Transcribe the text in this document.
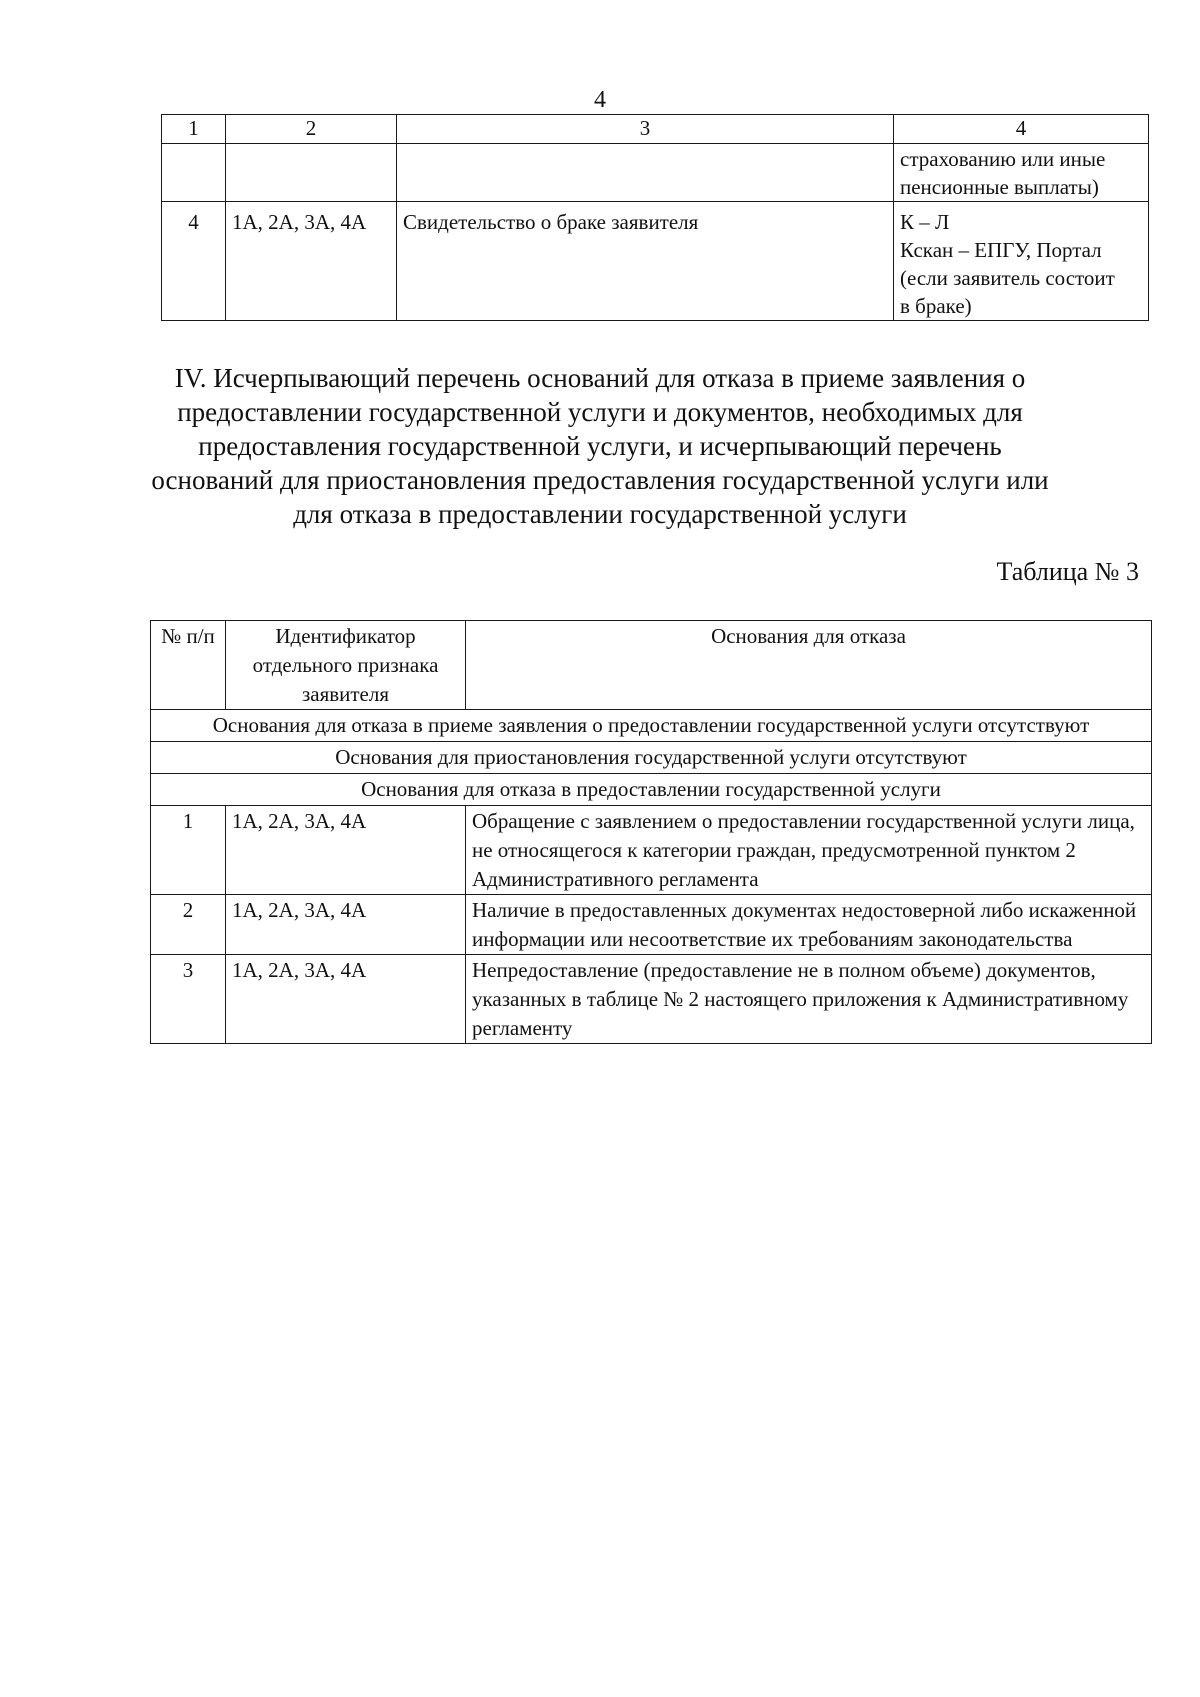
4
1	2	3	4

			страхованию или иные
пенсионные выплаты)

4	1А, 2А, 3А, 4А	Свидетельство о браке заявителя	К – Л
Кскан – ЕПГУ, Портал
(если заявитель состоит
в браке)
IV. Исчерпывающий перечень оснований для отказа в приеме заявления о предоставлении государственной услуги и документов, необходимых для предоставления государственной услуги, и исчерпывающий перечень оснований для приостановления предоставления государственной услуги или для отказа в предоставлении государственной услуги
Таблица № 3
№ п/п	Идентификатор отдельного признака заявителя	Основания для отказа
Основания для отказа в приеме заявления о предоставлении государственной услуги отсутствуют		
Основания для приостановления государственной услуги отсутствуют		
Основания для отказа в предоставлении государственной услуги		
1	1А, 2А, 3А, 4А	Обращение с заявлением о предоставлении государственной услуги лица, не относящегося к категории граждан, предусмотренной пунктом 2 Административного регламента
2	1А, 2А, 3А, 4А	Наличие в предоставленных документах недостоверной либо искаженной информации или несоответствие их требованиям законодательства
3	1А, 2А, 3А, 4А	Непредоставление (предоставление не в полном объеме) документов, указанных в таблице № 2 настоящего приложения к Административному регламенту
